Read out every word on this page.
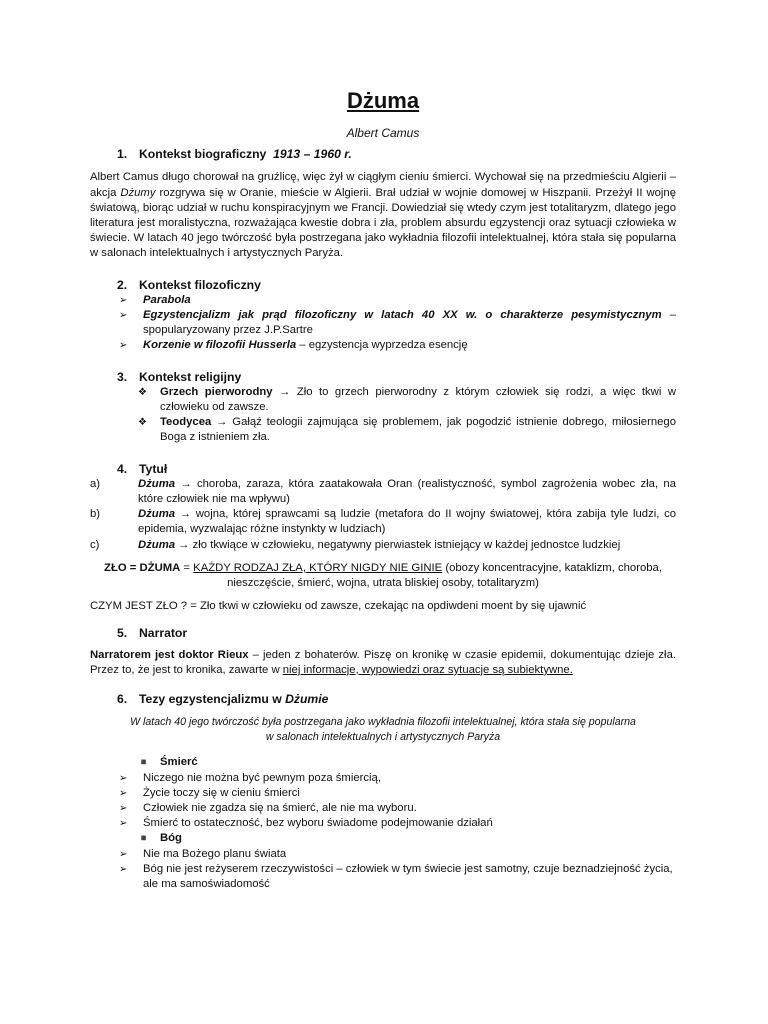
Dżuma
Albert Camus
1. Kontekst biograficzny  1913 – 1960 r.
Albert Camus długo chorował na gruźlicę, więc żył w ciągłym cieniu śmierci. Wychował się na przedmieściu Algierii – akcja Dżumy rozgrywa się w Oranie, mieście w Algierii. Brał udział w wojnie domowej w Hiszpanii. Przeżył II wojnę światową, biorąc udział w ruchu konspiracyjnym we Francji. Dowiedział się wtedy czym jest totalitaryzm, dlatego jego literatura jest moralistyczna, rozważająca kwestie dobra i zła, problem absurdu egzystencji oraz sytuacji człowieka w świecie. W latach 40 jego twórczość była postrzegana jako wykładnia filozofii intelektualnej, która stała się popularna w salonach intelektualnych i artystycznych Paryża.
2. Kontekst filozoficzny
➢	Parabola
➢	Egzystencjalizm jak prąd filozoficzny w latach 40 XX w. o charakterze pesymistycznym – spopularyzowany przez J.P.Sartre
➢	Korzenie w filozofii Husserla – egzystencja wyprzedza esencję
3. Kontekst religijny
❖	Grzech pierworodny → Zło to grzech pierworodny z którym człowiek się rodzi, a więc tkwi w człowieku od zawsze.
❖	Teodycea → Gałąź teologii zajmująca się problemem, jak pogodzić istnienie dobrego, miłosiernego Boga z istnieniem zła.
4. Tytuł
a)	Dżuma → choroba, zaraza, która zaatakowała Oran (realistyczność, symbol zagrożenia wobec zła, na które człowiek nie ma wpływu)
b)	Dżuma → wojna, której sprawcami są ludzie (metafora do II wojny światowej, która zabija tyle ludzi, co epidemia, wyzwalając różne instynkty w ludziach)
c)	Dżuma → zło tkwiące w człowieku, negatywny pierwiastek istniejący w każdej jednostce ludzkiej
ZŁO = DŻUMA = KAŻDY RODZAJ ZŁA, KTÓRY NIGDY NIE GINIE (obozy koncentracyjne, kataklizm, choroba, nieszczęście, śmierć, wojna, utrata bliskiej osoby, totalitaryzm)
CZYM JEST ZŁO ? = Zło tkwi w człowieku od zawsze, czekając na opdiwdeni moent by się ujawnić
5. Narrator
Narratorem jest doktor Rieux – jeden z bohaterów. Piszę on kronikę w czasie epidemii, dokumentując dzieje zła. Przez to, że jest to kronika, zawarte w niej informacje, wypowiedzi oraz sytuacje są subiektywne.
6. Tezy egzystencjalizmu w Dżumie
W latach 40 jego twórczość była postrzegana jako wykładnia filozofii intelektualnej, która stała się popularna w salonach intelektualnych i artystycznych Paryża
◾ Śmierć
➢	Niczego nie można być pewnym poza śmiercią,
➢	Życie toczy się w cieniu śmierci
➢	Człowiek nie zgadza się na śmierć, ale nie ma wyboru.
➢	Śmierć to ostateczność, bez wyboru świadome podejmowanie działań
◾ Bóg
➢	Nie ma Bożego planu świata
➢	Bóg nie jest reżyserem rzeczywistości – człowiek w tym świecie jest samotny, czuje beznadziejność życia, ale ma samoświadomość
